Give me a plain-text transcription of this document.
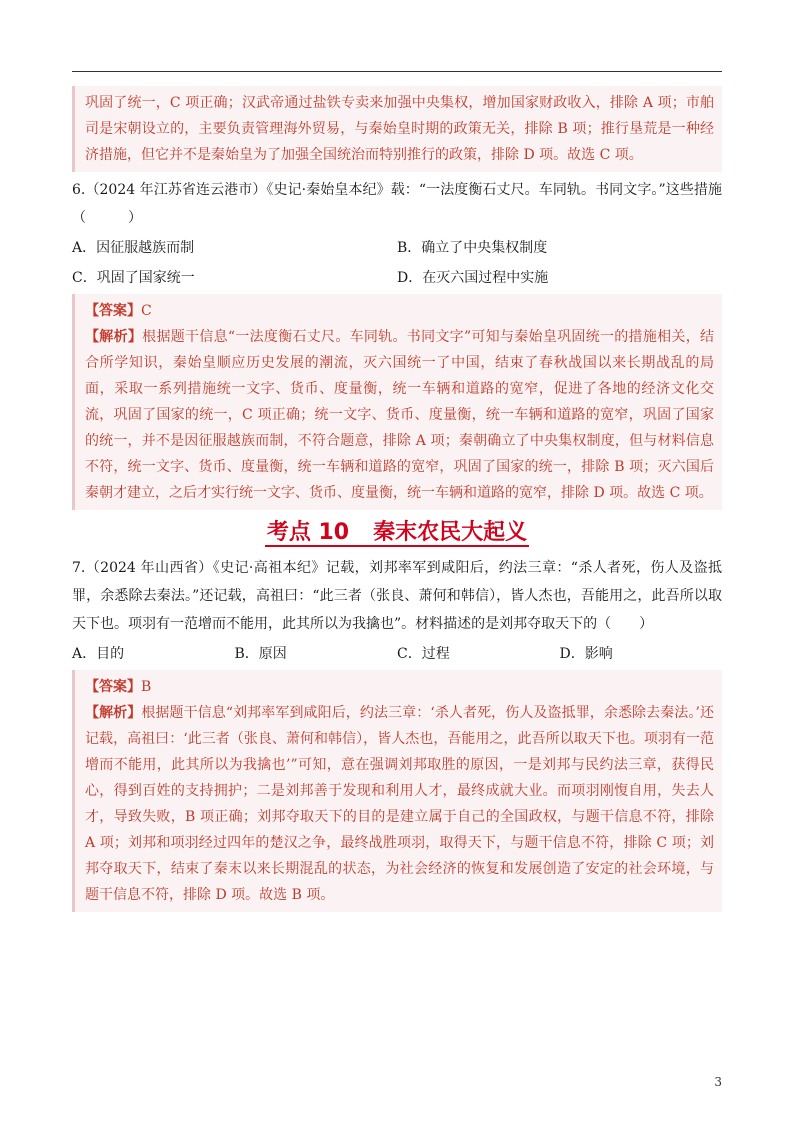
巩固了统一，C 项正确；汉武帝通过盐铁专卖来加强中央集权，增加国家财政收入，排除 A 项；市舶司是宋朝设立的，主要负责管理海外贸易，与秦始皇时期的政策无关，排除 B 项；推行垦荒是一种经济措施，但它并不是秦始皇为了加强全国统治而特别推行的政策，排除 D 项。故选 C 项。

6.（2024 年江苏省连云港市）《史记·秦始皇本纪》载：“一法度衡石丈尺。车同轨。书同文字。”这些措施（　　　）

A．因征服越族而制	B．确立了中央集权制度
C．巩固了国家统一	D．在灭六国过程中实施

【答案】C

【解析】根据题干信息“一法度衡石丈尺。车同轨。书同文字”可知与秦始皇巩固统一的措施相关，结合所学知识，秦始皇顺应历史发展的潮流，灭六国统一了中国，结束了春秋战国以来长期战乱的局面，采取一系列措施统一文字、货币、度量衡，统一车辆和道路的宽窄，促进了各地的经济文化交流，巩固了国家的统一，C 项正确；统一文字、货币、度量衡，统一车辆和道路的宽窄，巩固了国家的统一，并不是因征服越族而制，不符合题意，排除 A 项；秦朝确立了中央集权制度，但与材料信息不符，统一文字、货币、度量衡，统一车辆和道路的宽窄，巩固了国家的统一，排除 B 项；灭六国后秦朝才建立，之后才实行统一文字、货币、度量衡，统一车辆和道路的宽窄，排除 D 项。故选 C 项。

考点 10 秦末农民大起义

7.（2024 年山西省）《史记·高祖本纪》记载，刘邦率军到咸阳后，约法三章：“杀人者死，伤人及盗抵罪，余悉除去秦法。”还记载，高祖曰：“此三者（张良、萧何和韩信），皆人杰也，吾能用之，此吾所以取天下也。项羽有一范增而不能用，此其所以为我擒也”。材料描述的是刘邦夺取天下的（　　）

A．目的	B．原因	C．过程	D．影响

【答案】B

【解析】根据题干信息“刘邦率军到咸阳后，约法三章：‘杀人者死，伤人及盗抵罪，余悉除去秦法。’还记载，高祖曰：‘此三者（张良、萧何和韩信），皆人杰也，吾能用之，此吾所以取天下也。项羽有一范增而不能用，此其所以为我擒也’”可知，意在强调刘邦取胜的原因，一是刘邦与民约法三章，获得民心，得到百姓的支持拥护；二是刘邦善于发现和利用人才，最终成就大业。而项羽刚愎自用，失去人才，导致失败，B 项正确；刘邦夺取天下的目的是建立属于自己的全国政权，与题干信息不符，排除 A 项；刘邦和项羽经过四年的楚汉之争，最终战胜项羽，取得天下，与题干信息不符，排除 C 项；刘邦夺取天下，结束了秦末以来长期混乱的状态，为社会经济的恢复和发展创造了安定的社会环境，与题干信息不符，排除 D 项。故选 B 项。

3
